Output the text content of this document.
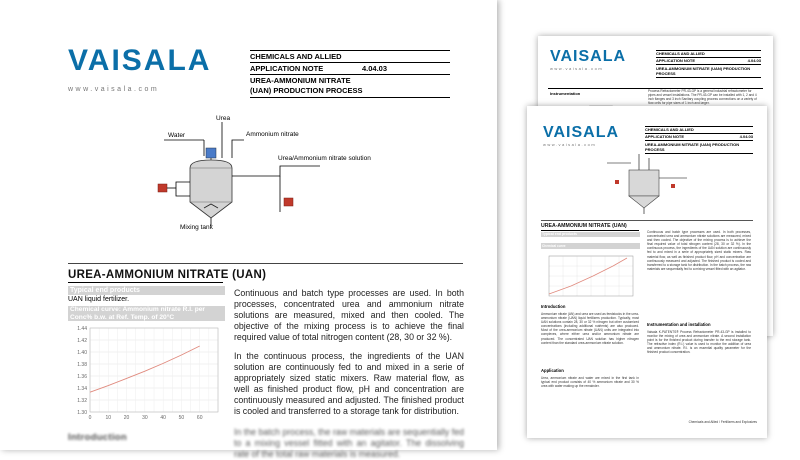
VAISALA
www.vaisala.com
CHEMICALS AND ALLIED
APPLICATION NOTE	4.04.03
UREA-AMMONIUM NITRATE (UAN) PRODUCTION PROCESS
Instrumentation	Process Refractometer PR-43-GP is a general industrial refractometer for pipes and vessel installations. The PR-43-GP can be installed with 1, 2 and 4 inch flanges and 3 inch Sanitary coupling process connections on a variety of flow cells for pipe sizes of 1 inch and larger.
VAISALA
www.vaisala.com
CHEMICALS AND ALLIED
APPLICATION NOTE	4.04.03
UREA-AMMONIUM NITRATE (UAN) PRODUCTION PROCESS
UREA-AMMONIUM NITRATE (UAN)
Typical end products
Chemical curve
Introduction
Ammonium nitrate (AN) and urea are used as feedstocks in the urea-ammonium nitrate (UAN) liquid fertilizers production. Typically, most UAN solutions contain 28, 30 or 32 % nitrogen but other customized concentrations (including additional nutrients) are also produced. Most of the urea-ammonium nitrate (UAN) units are integrated into complexes, where either urea and/or ammonium nitrate are produced. The concentrated UAN solution has higher nitrogen content than the standard urea-ammonium nitrate solution.
Application
Urea, ammonium nitrate and water are mixed in the first tank in typical end product consists of 40 % ammonium nitrate and 30 % urea with water making up the remainder.
Continuous and batch type processes are used. In both processes, concentrated urea and ammonium nitrate solutions are measured, mixed and then cooled. The objective of the mixing process is to achieve the final required value of total nitrogen content (28, 30 or 32 %). In the continuous process, the ingredients of the UAN solution are continuously fed to and mixed in a serie of appropriately sized static mixers. Raw material flow, as well as finished product flow, pH and concentration are continuously measured and adjusted. The finished product is cooled and transferred to a storage tank for distribution. In the batch process, the raw materials are sequentially fed to a mixing vessel fitted with an agitator.
Instrumentation and installation
Vaisala K-PATENTS® Process Refractometer PR-43-GP is installed to monitor the mixing of urea and ammonium nitrate. A second installation point is for the finished product during transfer to the end storage tank. The refractive index (R.I.) value is used to monitor the addition of urea and ammonium nitrate. R.I. is an essential quality parameter for the finished product concentration.
Chemicals and Allied / Fertilizers and Explosives
VAISALA
www.vaisala.com
CHEMICALS AND ALLIED
APPLICATION NOTE	4.04.03
UREA-AMMONIUM NITRATE (UAN) PRODUCTION PROCESS
Water
Urea
Ammonium nitrate
Urea/Ammonium nitrate solution
Mixing tank
UREA-AMMONIUM NITRATE (UAN)
Typical end products
UAN liquid fertilizer.
Chemical curve: Ammonium nitrate R.I. per Conc% b.w. at Ref. Temp. of 20°C
1.44
1.42
1.40
1.38
1.36
1.34
1.32
1.30
0	10	20	30	40	50	60

Continuous and batch type processes are used. In both processes, concentrated urea and ammonium nitrate solutions are measured, mixed and then cooled. The objective of the mixing process is to achieve the final required value of total nitrogen content (28, 30 or 32 %).

In the continuous process, the ingredients of the UAN solution are continuously fed to and mixed in a serie of appropriately sized static mixers. Raw material flow, as well as finished product flow, pH and concentration are continuously measured and adjusted. The finished product is cooled and transferred to a storage tank for distribution.

In the batch process, the raw materials are sequentially fed to a mixing vessel fitted with an agitator. The dissolving rate of the total raw materials is measured.

Introduction
